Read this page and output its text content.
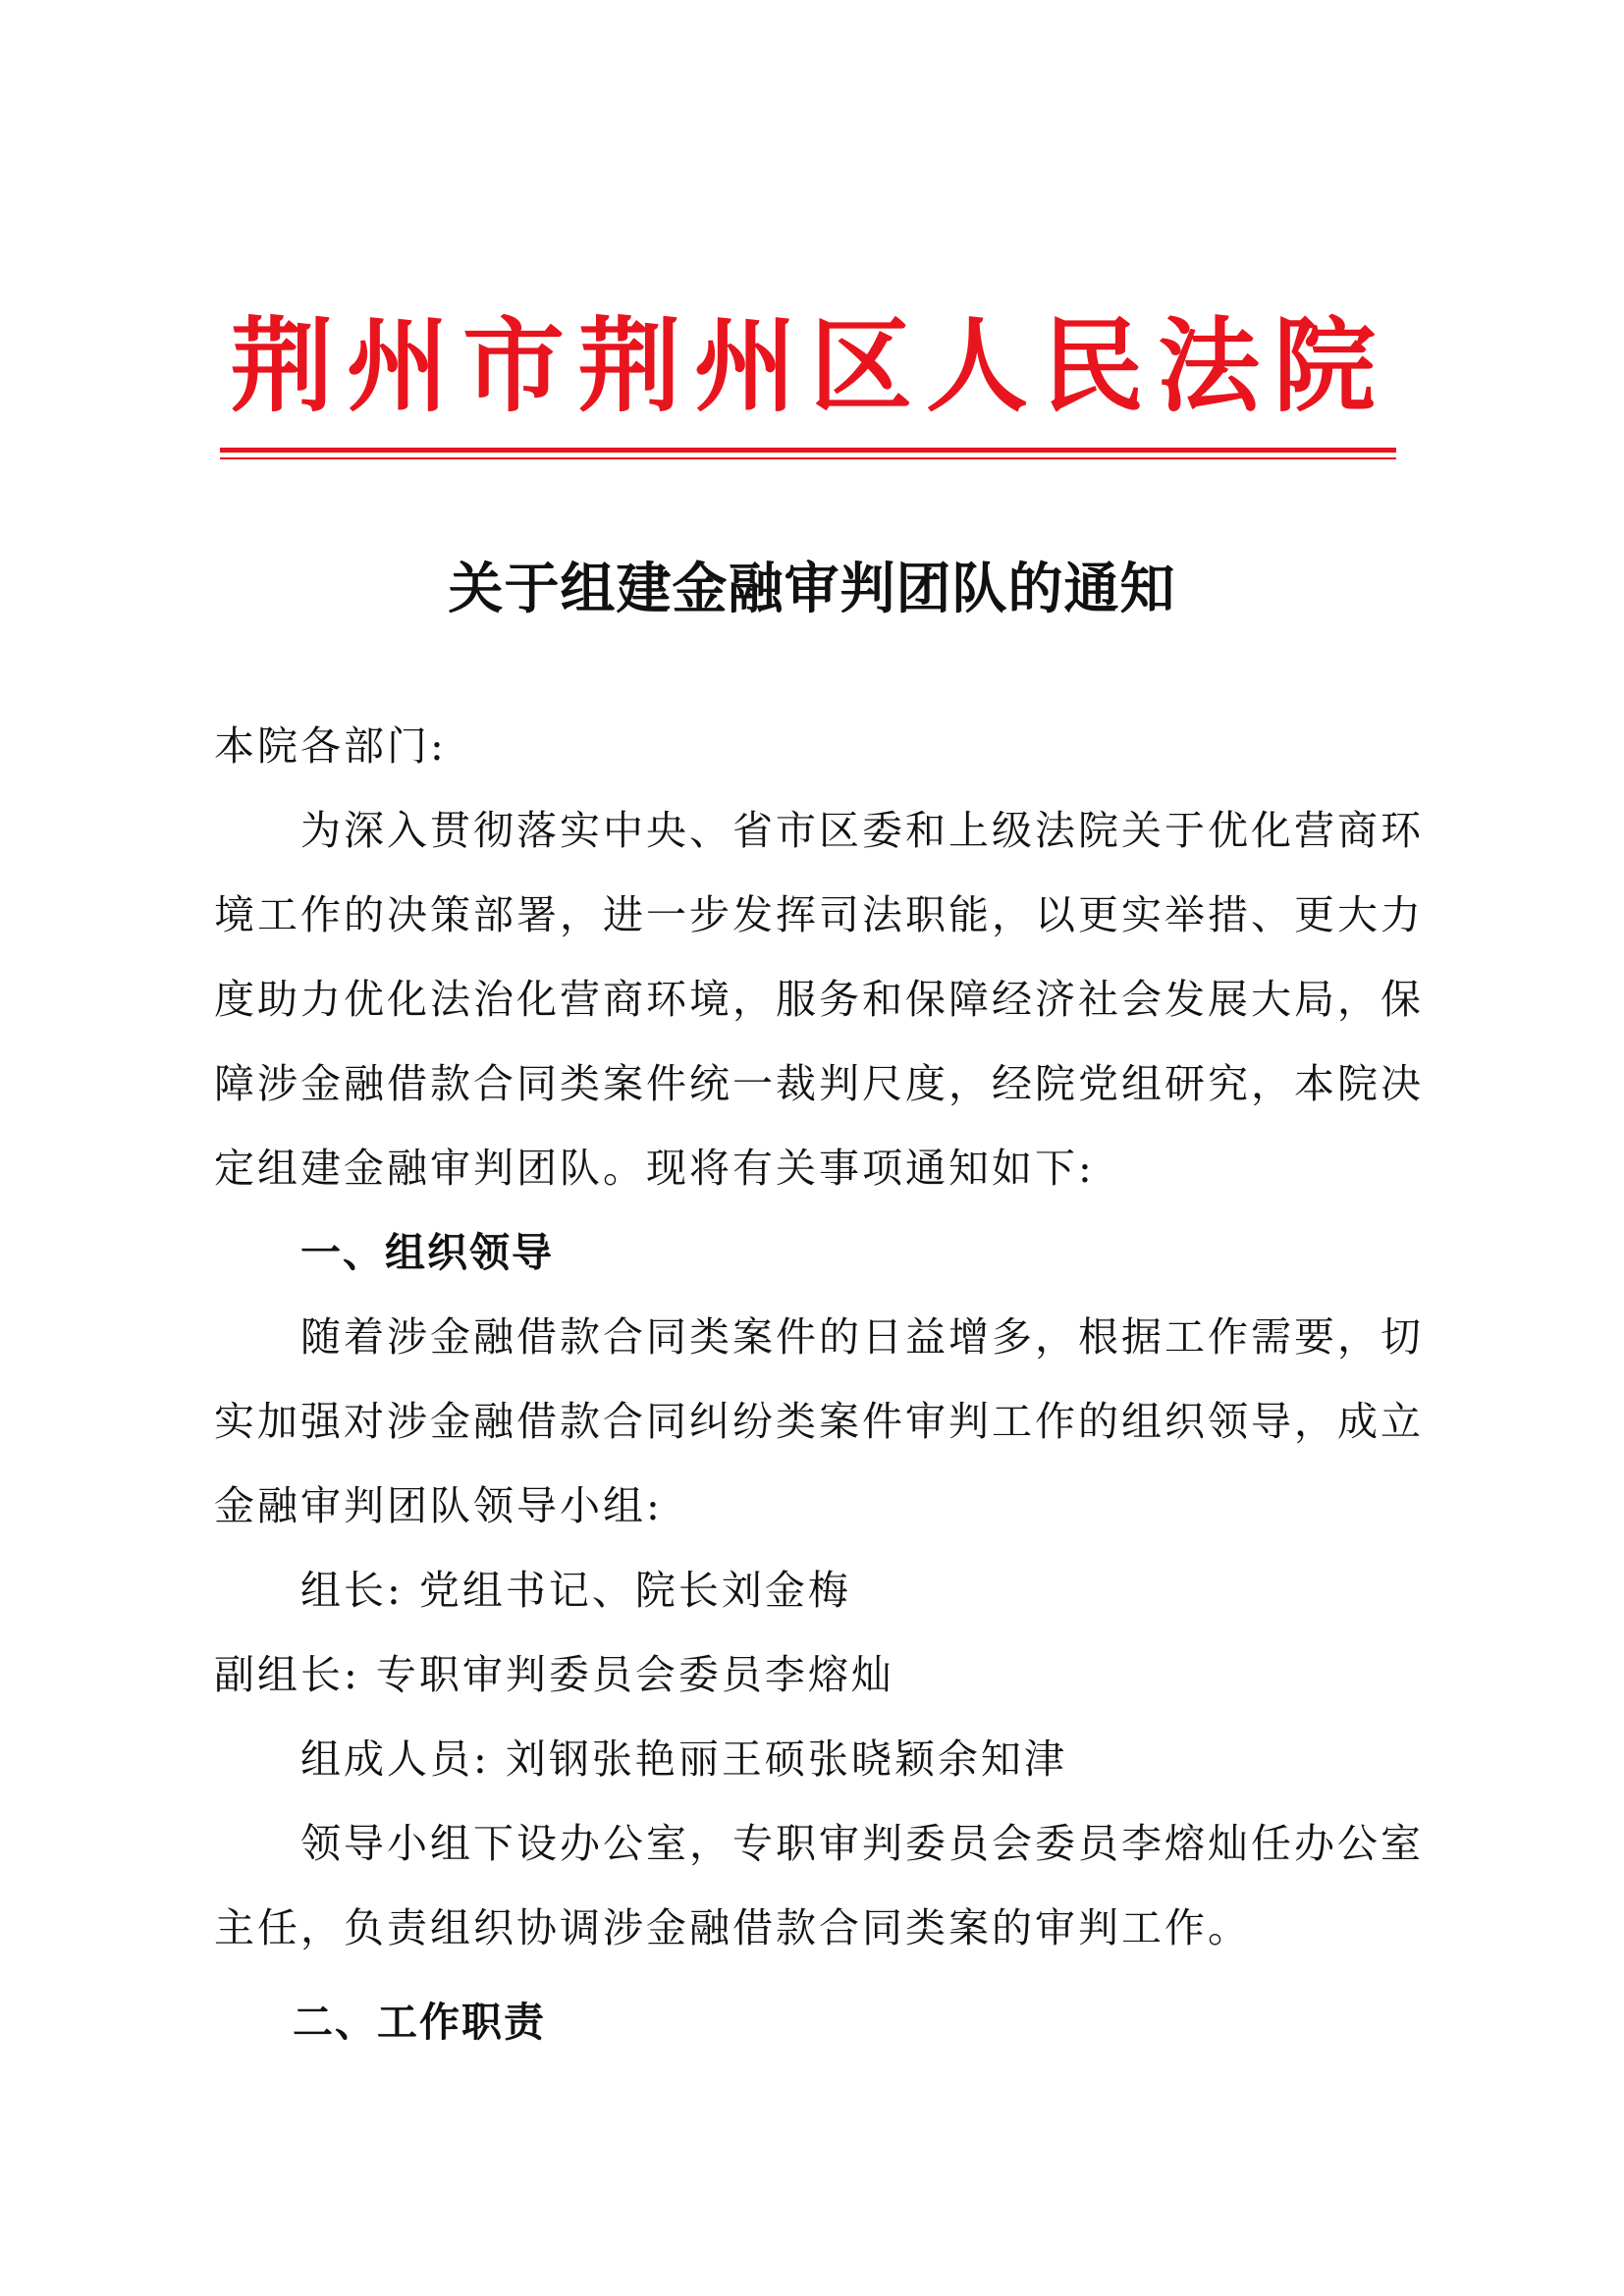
荆州市荆州区人民法院
关于组建金融审判团队的通知
本院各部门:
为深入贯彻落实中央、省市区委和上级法院关于优化营商环
境工作的决策部署，进一步发挥司法职能，以更实举措、更大力
度助力优化法治化营商环境，服务和保障经济社会发展大局，保
障涉金融借款合同类案件统一裁判尺度，经院党组研究，本院决
定组建金融审判团队。现将有关事项通知如下:
一、组织领导
随着涉金融借款合同类案件的日益增多，根据工作需要，切
实加强对涉金融借款合同纠纷类案件审判工作的组织领导，成立
金融审判团队领导小组:
组长: 党组书记、院长刘金梅
副组长: 专职审判委员会委员李熔灿
组成人员: 刘钢张艳丽王硕张晓颖余知津
领导小组下设办公室，专职审判委员会委员李熔灿任办公室
主任，负责组织协调涉金融借款合同类案的审判工作。
二、工作职责
